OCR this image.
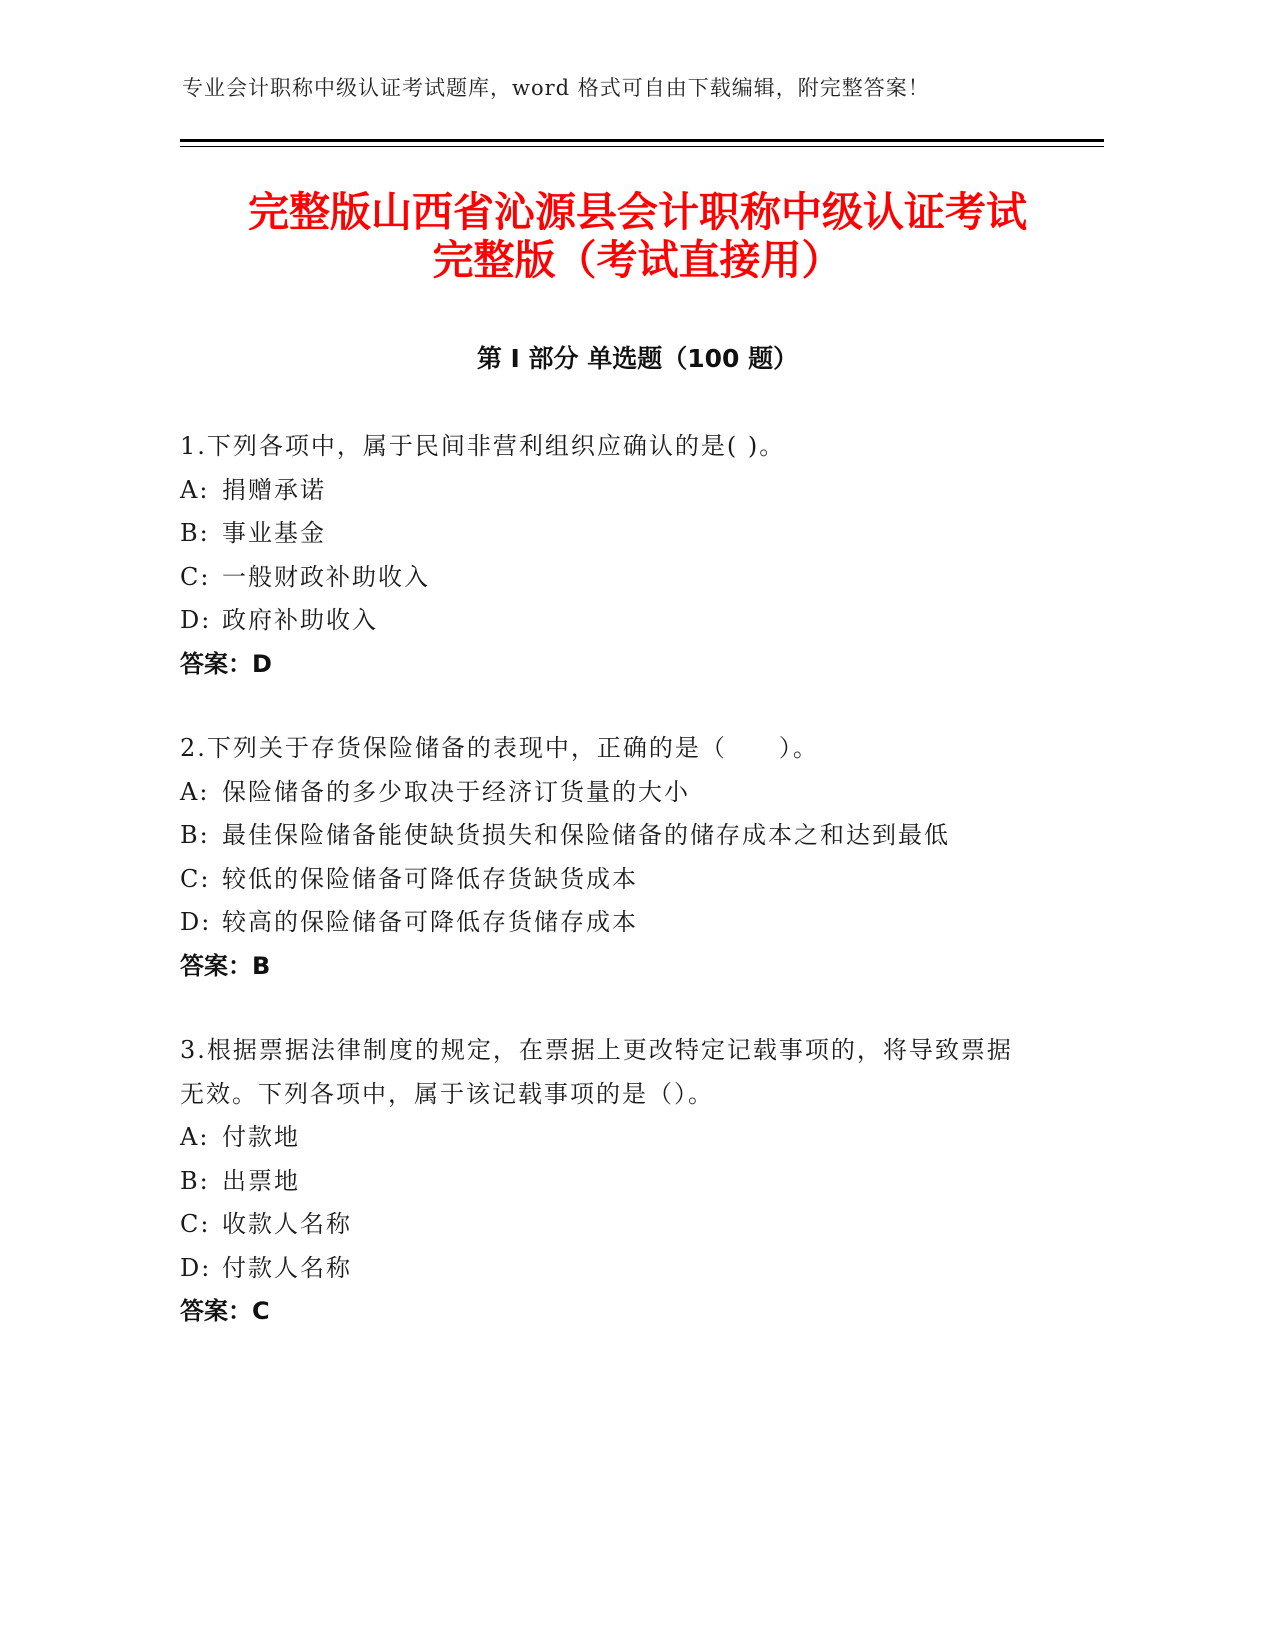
专业会计职称中级认证考试题库，word 格式可自由下载编辑，附完整答案！
完整版山西省沁源县会计职称中级认证考试
完整版（考试直接用）
第 I 部分 单选题（100 题）
1.下列各项中，属于民间非营利组织应确认的是( )。
A: 捐赠承诺
B: 事业基金
C: 一般财政补助收入
D: 政府补助收入
答案：D
2.下列关于存货保险储备的表现中，正确的是（　　）。
A: 保险储备的多少取决于经济订货量的大小
B: 最佳保险储备能使缺货损失和保险储备的储存成本之和达到最低
C: 较低的保险储备可降低存货缺货成本
D: 较高的保险储备可降低存货储存成本
答案：B
3.根据票据法律制度的规定，在票据上更改特定记载事项的，将导致票据无效。下列各项中，属于该记载事项的是（）。
A: 付款地
B: 出票地
C: 收款人名称
D: 付款人名称
答案：C
